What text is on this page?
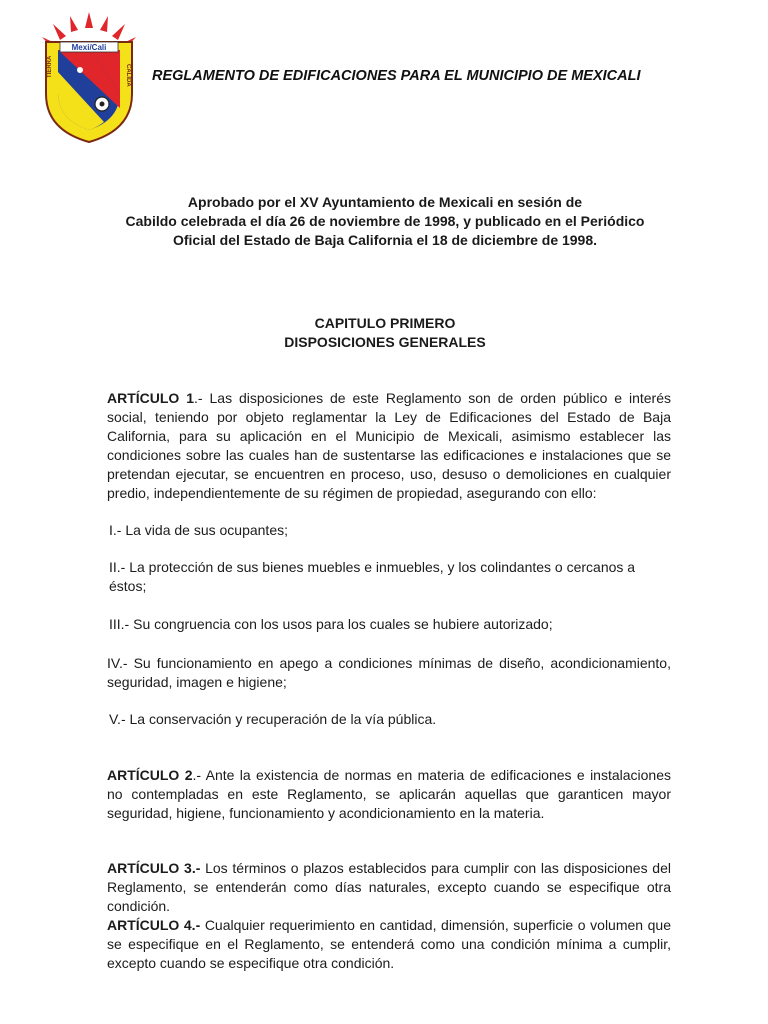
Mexi/Cali
TIERRA	CALIDA REGLAMENTO DE EDIFICACIONES PARA EL MUNICIPIO DE MEXICALI
Aprobado por el XV Ayuntamiento de Mexicali en sesión de
Cabildo celebrada el día 26 de noviembre de 1998, y publicado en el Periódico
Oficial del Estado de Baja California el 18 de diciembre de 1998.
CAPITULO PRIMERO
DISPOSICIONES GENERALES
ARTÍCULO 1.- Las disposiciones de este Reglamento son de orden público e interés social, teniendo por objeto reglamentar la Ley de Edificaciones del Estado de Baja California, para su aplicación en el Municipio de Mexicali, asimismo establecer las condiciones sobre las cuales han de sustentarse las edificaciones e instalaciones que se pretendan ejecutar, se encuentren en proceso, uso, desuso o demoliciones en cualquier predio, independientemente de su régimen de propiedad, asegurando con ello:
I.- La vida de sus ocupantes;
II.- La protección de sus bienes muebles e inmuebles, y los colindantes o cercanos a éstos;
III.- Su congruencia con los usos para los cuales se hubiere autorizado;
IV.- Su funcionamiento en apego a condiciones mínimas de diseño, acondicionamiento, seguridad, imagen e higiene;
V.- La conservación y recuperación de la vía pública.
ARTÍCULO 2.- Ante la existencia de normas en materia de edificaciones e instalaciones no contempladas en este Reglamento, se aplicarán aquellas que garanticen mayor seguridad, higiene, funcionamiento y acondicionamiento en la materia.
ARTÍCULO 3.- Los términos o plazos establecidos para cumplir con las disposiciones del Reglamento, se entenderán como días naturales, excepto cuando se especifique otra condición.
ARTÍCULO 4.- Cualquier requerimiento en cantidad, dimensión, superficie o volumen que se especifique en el Reglamento, se entenderá como una condición mínima a cumplir, excepto cuando se especifique otra condición.
